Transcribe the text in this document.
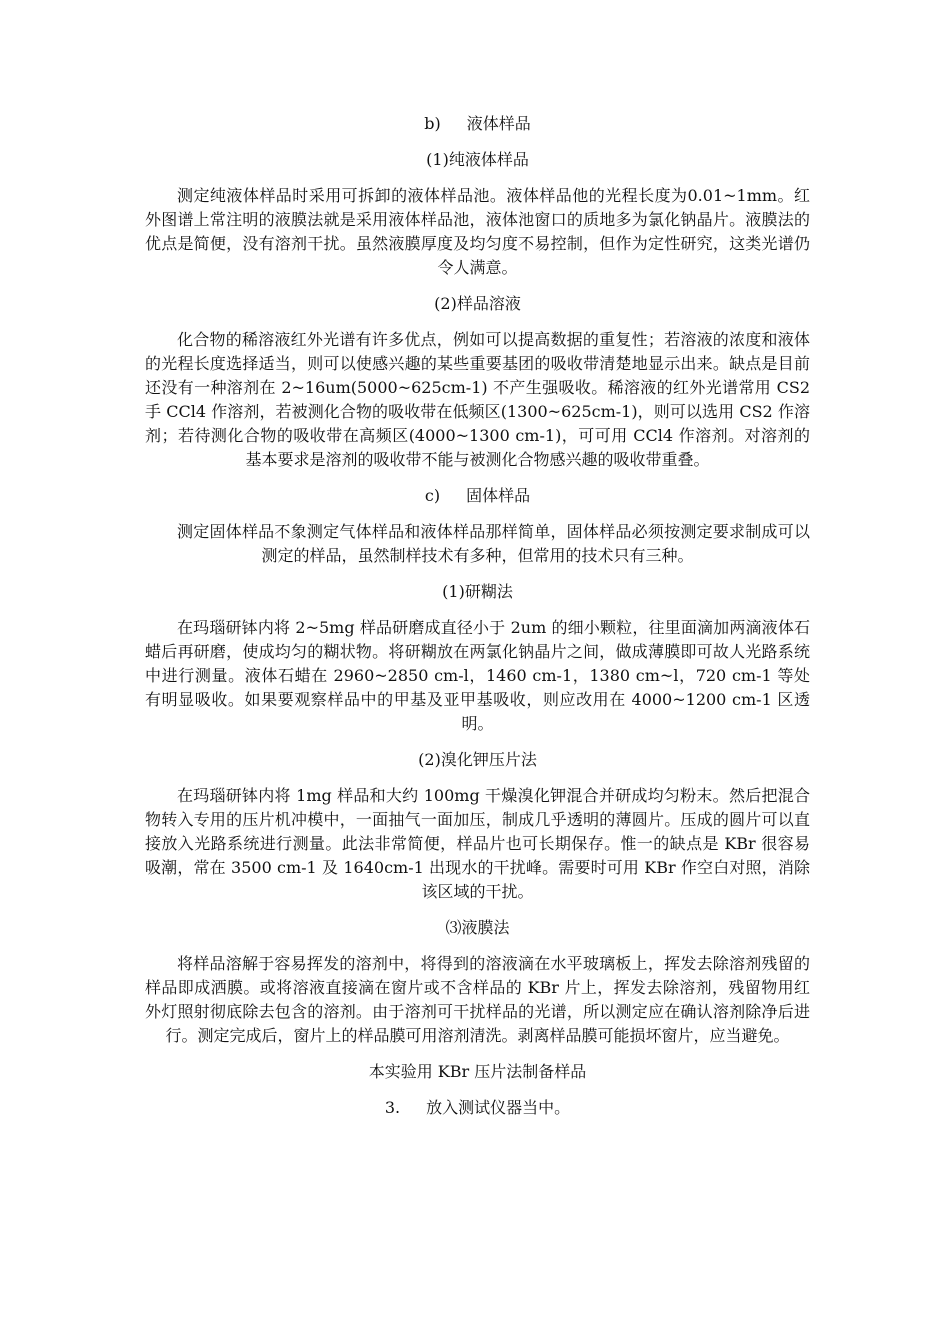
b) 液体样品
(1)纯液体样品

测定纯液体样品时采用可拆卸的液体样品池。液体样品他的光程长度为0.01~1mm。红外图谱上常注明的液膜法就是采用液体样品池，液体池窗口的质地多为氯化钠晶片。液膜法的优点是简便，没有溶剂干扰。虽然液膜厚度及均匀度不易控制，但作为定性研究，这类光谱仍令人满意。

(2)样品溶液

化合物的稀溶液红外光谱有许多优点，例如可以提高数据的重复性；若溶液的浓度和液体的光程长度选择适当，则可以使感兴趣的某些重要基团的吸收带清楚地显示出来。缺点是目前还没有一种溶剂在 2~16um(5000~625cm-1) 不产生强吸收。稀溶液的红外光谱常用 CS2 手 CCl4 作溶剂，若被测化合物的吸收带在低频区(1300~625cm-1)，则可以选用 CS2 作溶剂；若待测化合物的吸收带在高频区(4000~1300 cm-1)，可可用 CCl4 作溶剂。对溶剂的基本要求是溶剂的吸收带不能与被测化合物感兴趣的吸收带重叠。

c) 固体样品

测定固体样品不象测定气体样品和液体样品那样简单，固体样品必须按测定要求制成可以测定的样品，虽然制样技术有多种，但常用的技术只有三种。

(1)研糊法

在玛瑙研钵内将 2~5mg 样品研磨成直径小于 2um 的细小颗粒，往里面滴加两滴液体石蜡后再研磨，使成均匀的糊状物。将研糊放在两氯化钠晶片之间，做成薄膜即可故人光路系统中进行测量。液体石蜡在 2960~2850 cm-l，1460 cm-1，1380 cm~l，720 cm-1 等处有明显吸收。如果要观察样品中的甲基及亚甲基吸收，则应改用在 4000~1200 cm-1 区透明。

(2)溴化钾压片法

在玛瑙研钵内将 1mg 样品和大约 100mg 干燥溴化钾混合并研成均匀粉末。然后把混合物转入专用的压片机冲模中，一面抽气一面加压，制成几乎透明的薄圆片。压成的圆片可以直接放入光路系统进行测量。此法非常简便，样品片也可长期保存。惟一的缺点是 KBr 很容易吸潮，常在 3500 cm-1 及 1640cm-1 出现水的干扰峰。需要时可用 KBr 作空白对照，消除该区域的干扰。

⑶液膜法

将样品溶解于容易挥发的溶剂中，将得到的溶液滴在水平玻璃板上，挥发去除溶剂残留的样品即成洒膜。或将溶液直接滴在窗片或不含样品的 KBr 片上，挥发去除溶剂，残留物用红外灯照射彻底除去包含的溶剂。由于溶剂可干扰样品的光谱，所以测定应在确认溶剂除净后进行。测定完成后，窗片上的样品膜可用溶剂清洗。剥离样品膜可能损坏窗片，应当避免。

本实验用 KBr 压片法制备样品
3. 放入测试仪器当中。
